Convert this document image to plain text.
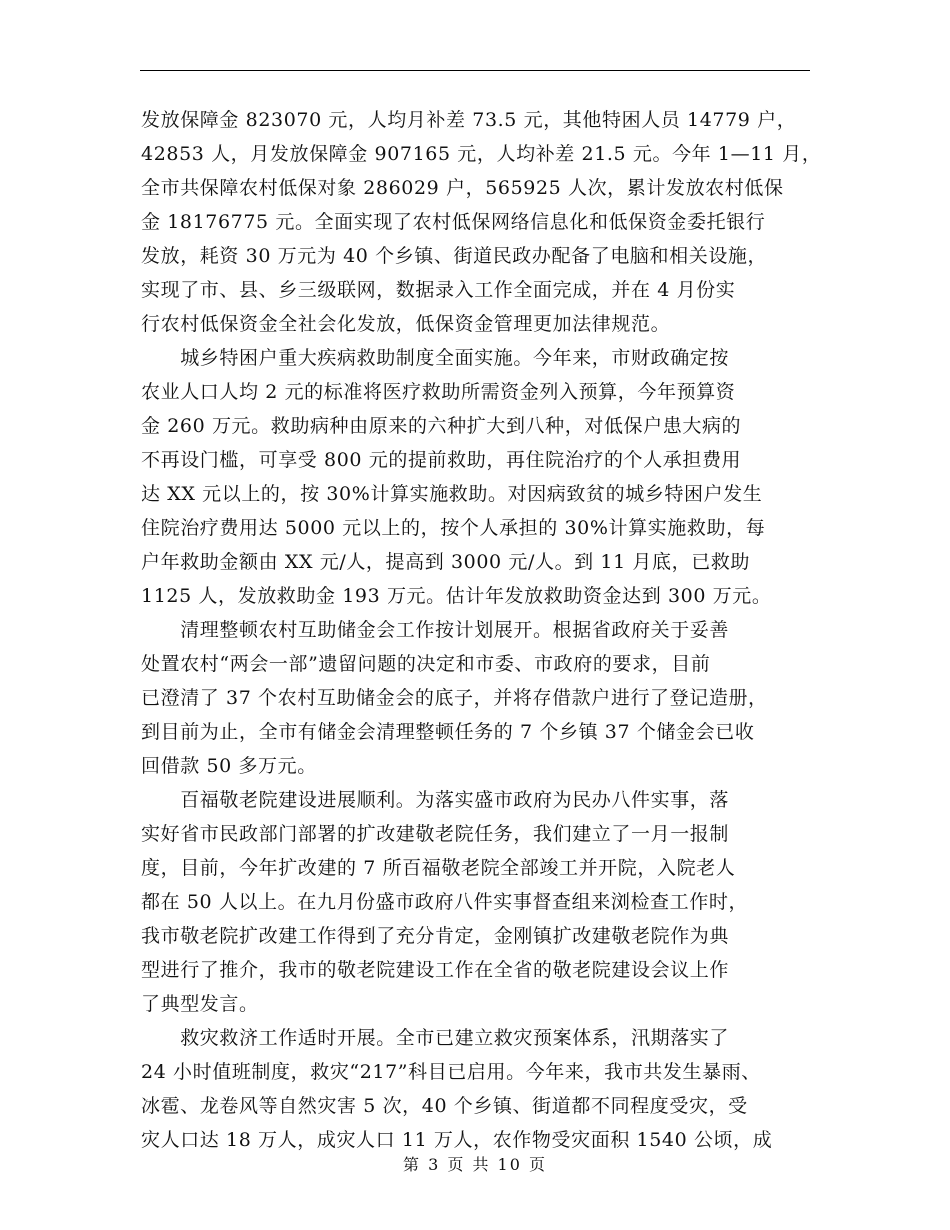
发放保障金 823070 元，人均月补差 73.5 元，其他特困人员 14779 户，
42853 人，月发放保障金 907165 元，人均补差 21.5 元。今年 1—11 月，
全市共保障农村低保对象 286029 户，565925 人次，累计发放农村低保
金 18176775 元。全面实现了农村低保网络信息化和低保资金委托银行
发放，耗资 30 万元为 40 个乡镇、街道民政办配备了电脑和相关设施，
实现了市、县、乡三级联网，数据录入工作全面完成，并在 4 月份实
行农村低保资金全社会化发放，低保资金管理更加法律规范。
　　城乡特困户重大疾病救助制度全面实施。今年来，市财政确定按
农业人口人均 2 元的标准将医疗救助所需资金列入预算，今年预算资
金 260 万元。救助病种由原来的六种扩大到八种，对低保户患大病的
不再设门槛，可享受 800 元的提前救助，再住院治疗的个人承担费用
达 XX 元以上的，按 30%计算实施救助。对因病致贫的城乡特困户发生
住院治疗费用达 5000 元以上的，按个人承担的 30%计算实施救助，每
户年救助金额由 XX 元/人，提高到 3000 元/人。到 11 月底，已救助
1125 人，发放救助金 193 万元。估计年发放救助资金达到 300 万元。
　　清理整顿农村互助储金会工作按计划展开。根据省政府关于妥善
处置农村“两会一部”遗留问题的决定和市委、市政府的要求，目前
已澄清了 37 个农村互助储金会的底子，并将存借款户进行了登记造册，
到目前为止，全市有储金会清理整顿任务的 7 个乡镇 37 个储金会已收
回借款 50 多万元。
　　百福敬老院建设进展顺利。为落实盛市政府为民办八件实事，落
实好省市民政部门部署的扩改建敬老院任务，我们建立了一月一报制
度，目前，今年扩改建的 7 所百福敬老院全部竣工并开院，入院老人
都在 50 人以上。在九月份盛市政府八件实事督查组来浏检查工作时，
我市敬老院扩改建工作得到了充分肯定，金刚镇扩改建敬老院作为典
型进行了推介，我市的敬老院建设工作在全省的敬老院建设会议上作
了典型发言。
　　救灾救济工作适时开展。全市已建立救灾预案体系，汛期落实了
24 小时值班制度，救灾“217”科目已启用。今年来，我市共发生暴雨、
冰雹、龙卷风等自然灾害 5 次，40 个乡镇、街道都不同程度受灾，受
灾人口达 18 万人，成灾人口 11 万人，农作物受灾面积 1540 公顷，成
第 3 页 共 10 页
